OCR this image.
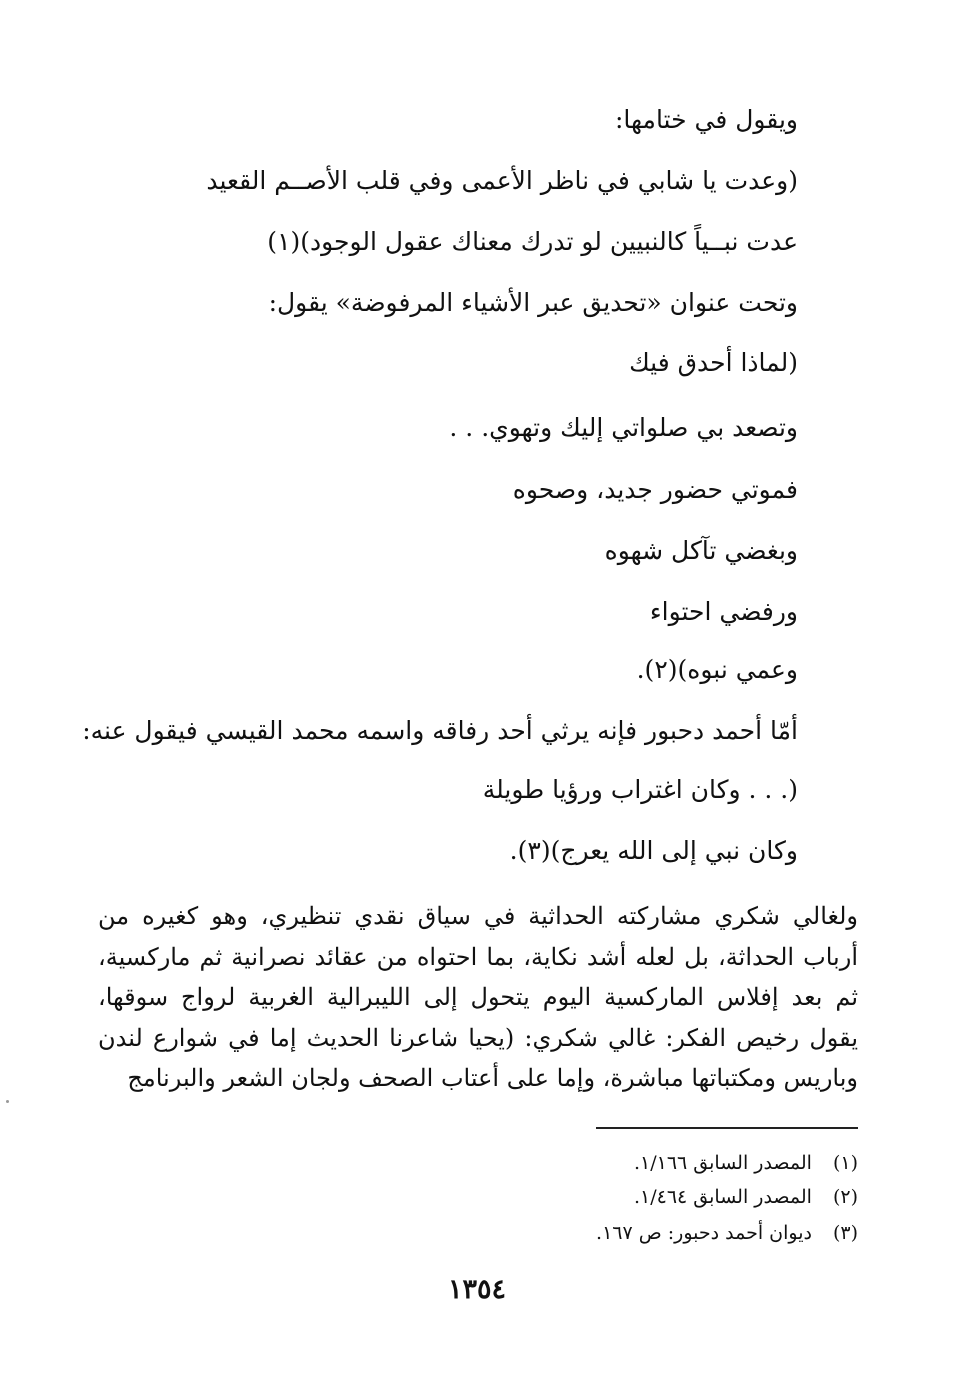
ويقول في ختامها:
(وعدت يا شابي في ناظر الأعمى وفي قلب الأصــم القعيد
عدت نبــياً كالنبيين لو تدرك معناك عقول الوجود)(١)
وتحت عنوان «تحديق عبر الأشياء المرفوضة» يقول:
(لماذا أحدق فيك
وتصعد بي صلواتي إليك وتهوي. . .
فموتي حضور جديد، وصحوه
وبغضي تآكل شهوه
ورفضي احتواء
وعمي نبوه)(٢).
أمّا أحمد دحبور فإنه يرثي أحد رفاقه واسمه محمد القيسي فيقول عنه:
(. . . وكان اغتراب ورؤيا طويلة
وكان نبي إلى الله يعرج)(٣).
ولغالي شكري مشاركته الحداثية في سياق نقدي تنظيري، وهو كغيره من أرباب الحداثة، بل لعله أشد نكاية، بما احتواه من عقائد نصرانية ثم ماركسية، ثم بعد إفلاس الماركسية اليوم يتحول إلى الليبرالية الغربية لرواج سوقها، يقول رخيص الفكر: غالي شكري: (يحيا شاعرنا الحديث إما في شوارع لندن وباريس ومكتباتها مباشرة، وإما على أعتاب الصحف ولجان الشعر والبرنامج
(١) المصدر السابق ١/١٦٦.
(٢) المصدر السابق ١/٤٦٤.
(٣) ديوان أحمد دحبور: ص ١٦٧.
١٣٥٤
